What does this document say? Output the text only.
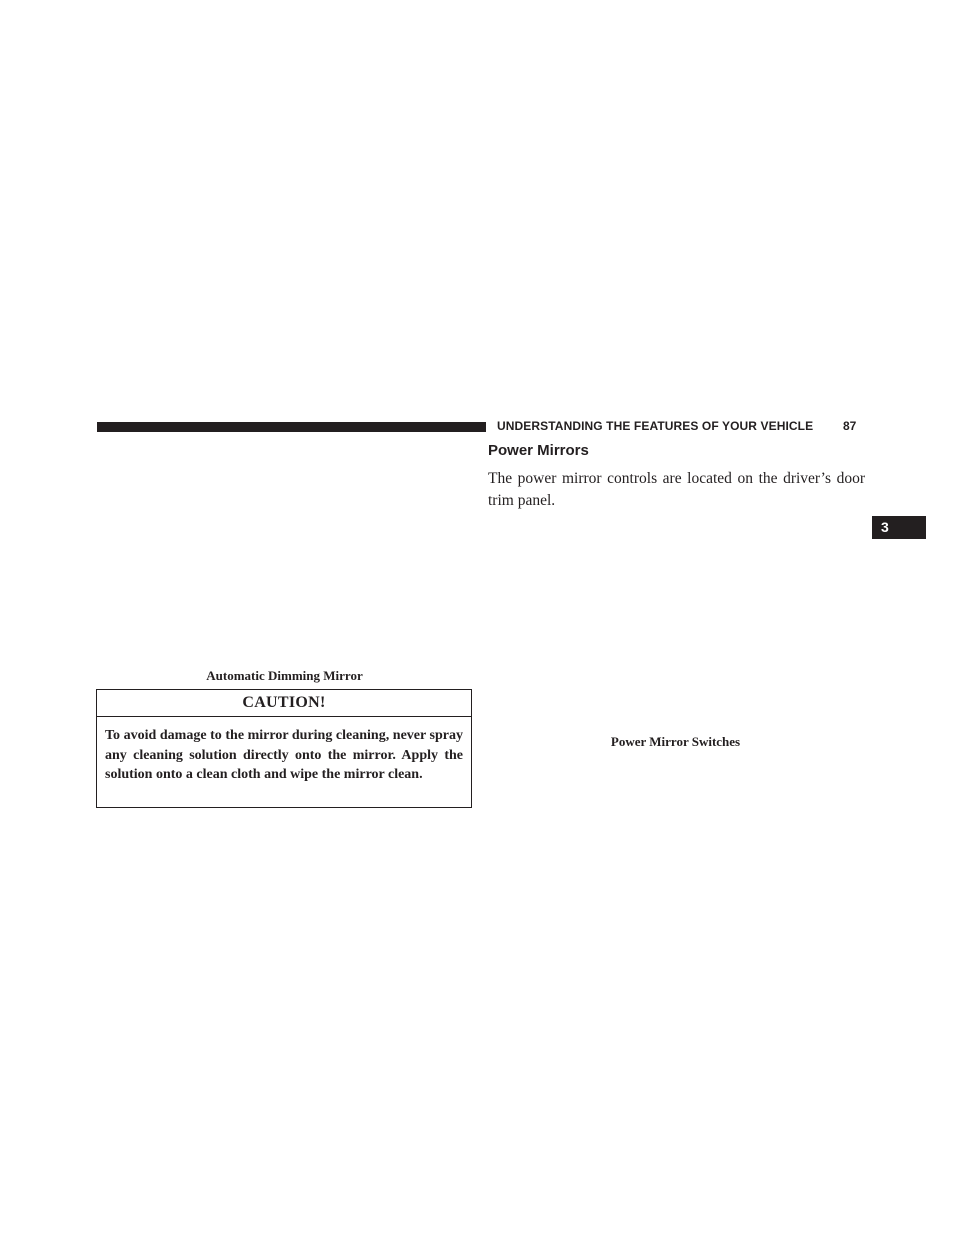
UNDERSTANDING THE FEATURES OF YOUR VEHICLE	87
Power Mirrors
The power mirror controls are located on the driver’s door trim panel.
3
Automatic Dimming Mirror
CAUTION!
To avoid damage to the mirror during cleaning, never spray any cleaning solution directly onto the mirror. Apply the solution onto a clean cloth and wipe the mirror clean.
Power Mirror Switches
